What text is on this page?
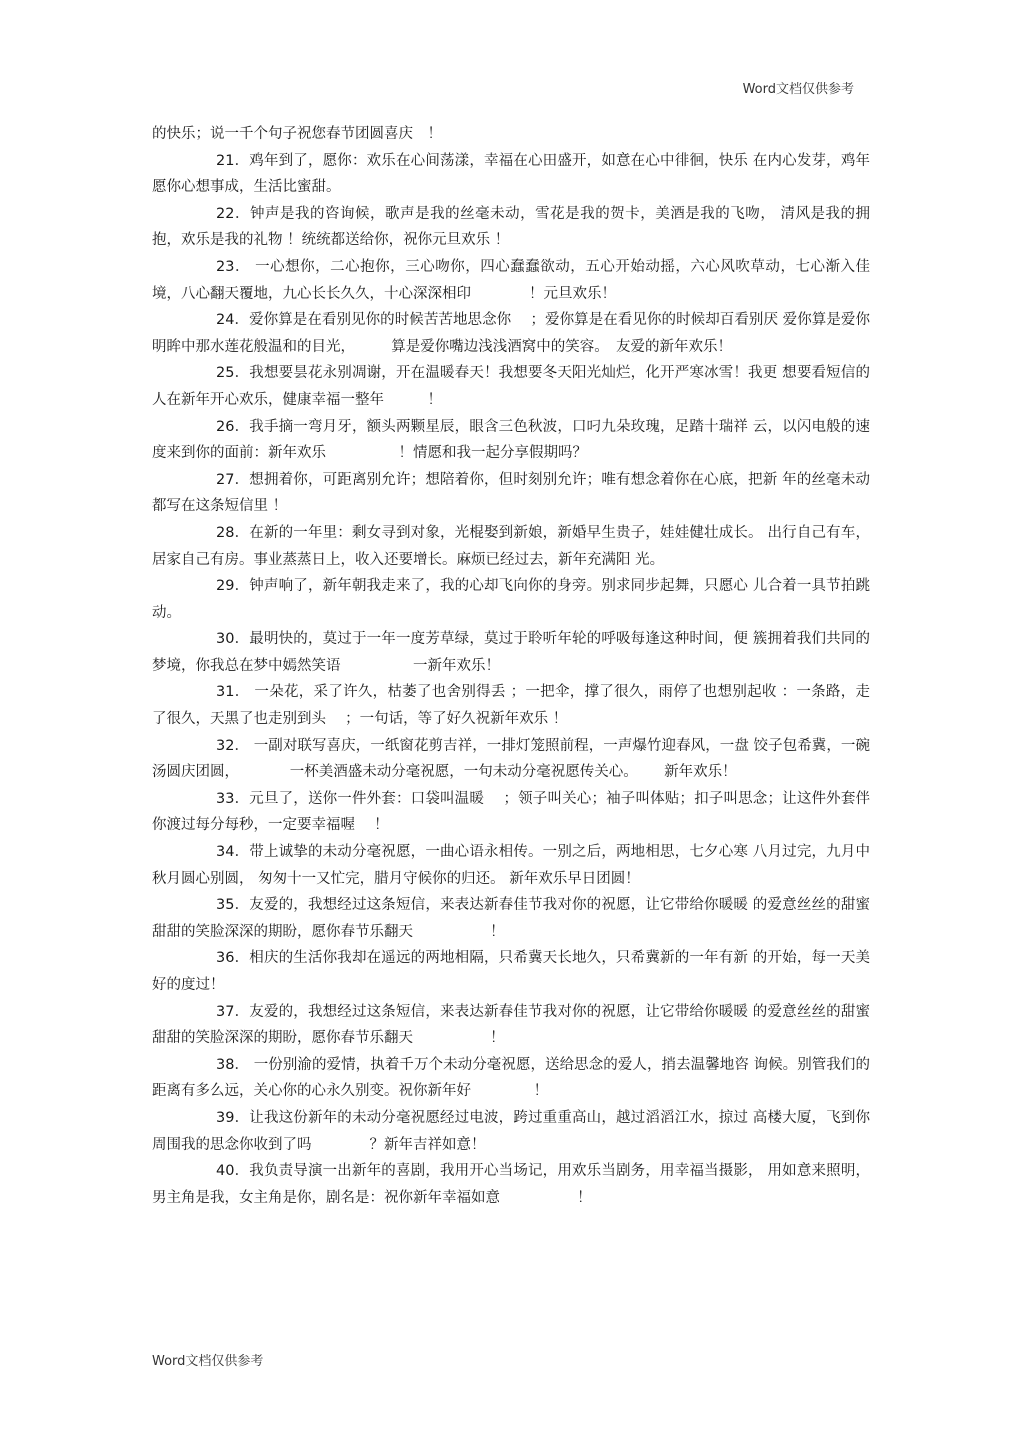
Word文档仅供参考

的快乐；说一千个句子祝您春节团圆喜庆　！

21．鸡年到了，愿你：欢乐在心间荡漾，幸福在心田盛开，如意在心中徘徊，快乐 在内心发芽，鸡年愿你心想事成，生活比蜜甜。

22．钟声是我的咨询候，歌声是我的丝毫未动，雪花是我的贺卡，美酒是我的飞吻， 清风是我的拥抱，欢乐是我的礼物 ！统统都送给你，祝你元旦欢乐 ！

23． 一心想你，二心抱你，三心吻你，四心蠢蠢欲动，五心开始动摇，六心风吹草动，七心渐入佳境，八心翻天覆地，九心长长久久，十心深深相印　　　　！元旦欢乐！

24．爱你算是在看别见你的时候苦苦地思念你　 ；爱你算是在看见你的时候却百看别厌 爱你算是爱你明眸中那水莲花般温和的目光，　　　算是爱你嘴边浅浅酒窝中的笑容。　友爱的新年欢乐！

25．我想要昙花永别凋谢，开在温暖春天！我想要冬天阳光灿烂，化开严寒冰雪！我更 想要看短信的人在新年开心欢乐，健康幸福一整年　　　！

26．我手摘一弯月牙，额头两颗星辰，眼含三色秋波，口叼九朵玫瑰，足踏十瑞祥 云，以闪电般的速度来到你的面前：新年欢乐　　　　　！情愿和我一起分享假期吗？

27．想拥着你，可距离别允许；想陪着你，但时刻别允许；唯有想念着你在心底，把新 年的丝毫未动都写在这条短信里 ！

28．在新的一年里：剩女寻到对象，光棍娶到新娘，新婚早生贵子，娃娃健壮成长。 出行自己有车，居家自己有房。事业蒸蒸日上，收入还要增长。麻烦已经过去，新年充满阳 光。

29．钟声响了，新年朝我走来了，我的心却飞向你的身旁。别求同步起舞，只愿心 儿合着一具节拍跳动。

30．最明快的，莫过于一年一度芳草绿，莫过于聆听年轮的呼吸每逢这种时间，便 簇拥着我们共同的梦境，你我总在梦中嫣然笑语　　　　　一新年欢乐！

31． 一朵花，采了许久，枯萎了也舍别得丢 ；一把伞，撑了很久，雨停了也想别起收 ：一条路，走了很久，天黑了也走别到头　 ；一句话，等了好久祝新年欢乐 ！

32． 一副对联写喜庆，一纸窗花剪吉祥，一排灯笼照前程，一声爆竹迎春风，一盘 饺子包希冀，一碗汤圆庆团圆，　　　　一杯美酒盛未动分毫祝愿，一句未动分毫祝愿传关心。　　 新年欢乐！

33．元旦了，送你一件外套：口袋叫温暖　 ；领子叫关心；袖子叫体贴；扣子叫思念；让这件外套伴你渡过每分每秒，一定要幸福喔　 ！

34．带上诚挚的未动分毫祝愿，一曲心语永相传。一别之后，两地相思，七夕心寒 八月过完，九月中秋月圆心别圆， 匆匆十一又忙完，腊月守候你的归还。 新年欢乐早日团圆！

35．友爱的，我想经过这条短信，来表达新春佳节我对你的祝愿，让它带给你暖暖 的爱意丝丝的甜蜜甜甜的笑脸深深的期盼，愿你春节乐翻天　　　　　 ！

36．相庆的生活你我却在遥远的两地相隔，只希冀天长地久，只希冀新的一年有新 的开始，每一天美好的度过！

37．友爱的，我想经过这条短信，来表达新春佳节我对你的祝愿，让它带给你暖暖 的爱意丝丝的甜蜜甜甜的笑脸深深的期盼，愿你春节乐翻天　　　　　 ！

38． 一份别渝的爱情，执着千万个未动分毫祝愿，送给思念的爱人，捎去温馨地咨 询候。别管我们的距离有多么远，关心你的心永久别变。祝你新年好　　　　 ！

39．让我这份新年的未动分毫祝愿经过电波，跨过重重高山，越过滔滔江水，掠过 高楼大厦，飞到你周围我的思念你收到了吗　　　　？新年吉祥如意！

40．我负责导演一出新年的喜剧，我用开心当场记，用欢乐当剧务，用幸福当摄影， 用如意来照明，男主角是我，女主角是你，剧名是：祝你新年幸福如意　　　　　 ！

Word文档仅供参考
